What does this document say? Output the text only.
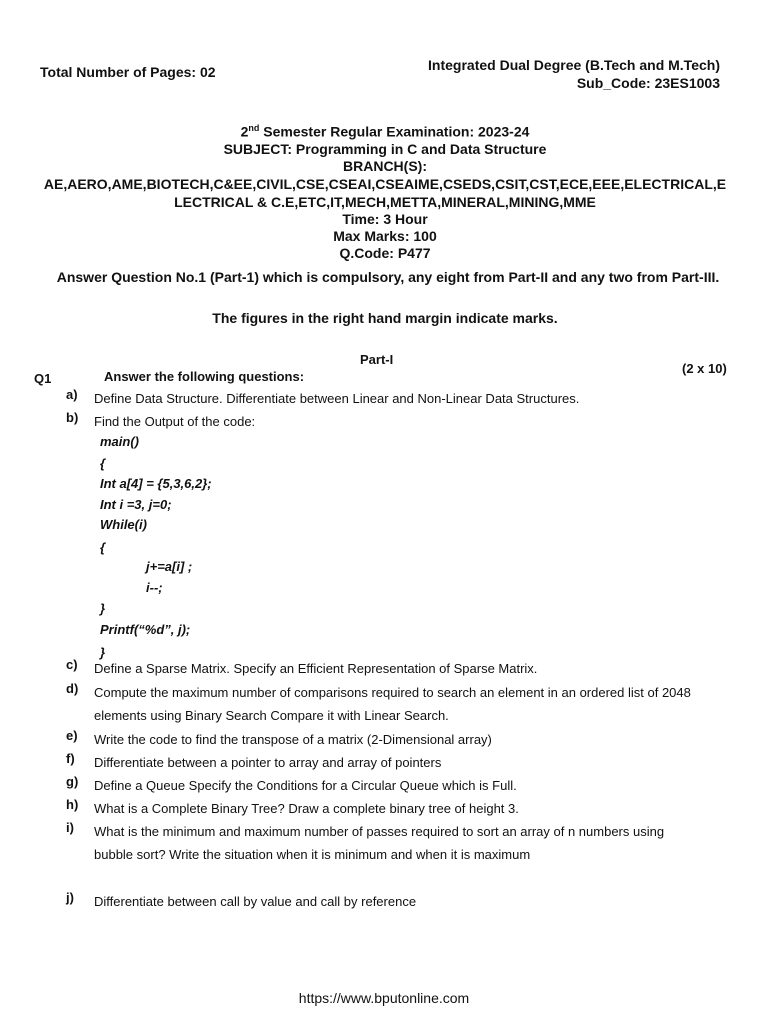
Total Number of Pages: 02	Integrated Dual Degree (B.Tech and M.Tech)
Sub_Code: 23ES1003
2nd Semester Regular Examination: 2023-24
SUBJECT: Programming in C and Data Structure
BRANCH(S):
AE,AERO,AME,BIOTECH,C&EE,CIVIL,CSE,CSEAI,CSEAIME,CSEDS,CSIT,CST,ECE,EEE,ELECTRICAL,ELECTRICAL & C.E,ETC,IT,MECH,METTA,MINERAL,MINING,MME
Time: 3 Hour
Max Marks: 100
Q.Code: P477
Answer Question No.1 (Part-1) which is compulsory, any eight from Part-II and any two from Part-III.
The figures in the right hand margin indicate marks.
Part-I
(2 x 10)
Q1	Answer the following questions:
a)	Define Data Structure. Differentiate between Linear and Non-Linear Data Structures.
b)	Find the Output of the code:
main()
{
Int a[4] = {5,3,6,2};
Int i =3, j=0;
While(i)
{
j+=a[i] ;
i--;
}
Printf(“%d”, j);
}
c)	Define a Sparse Matrix. Specify an Efficient Representation of Sparse Matrix.
d)	Compute the maximum number of comparisons required to search an element in an ordered list of 2048 elements using Binary Search Compare it with Linear Search.
e)	Write the code to find the transpose of a matrix (2-Dimensional array)
f)	Differentiate between a pointer to array and array of pointers
g)	Define a Queue Specify the Conditions for a Circular Queue which is Full.
h)	What is a Complete Binary Tree? Draw a complete binary tree of height 3.
i)	What is the minimum and maximum number of passes required to sort an array of n numbers using bubble sort? Write the situation when it is minimum and when it is maximum
j)	Differentiate between call by value and call by reference
https://www.bputonline.com
